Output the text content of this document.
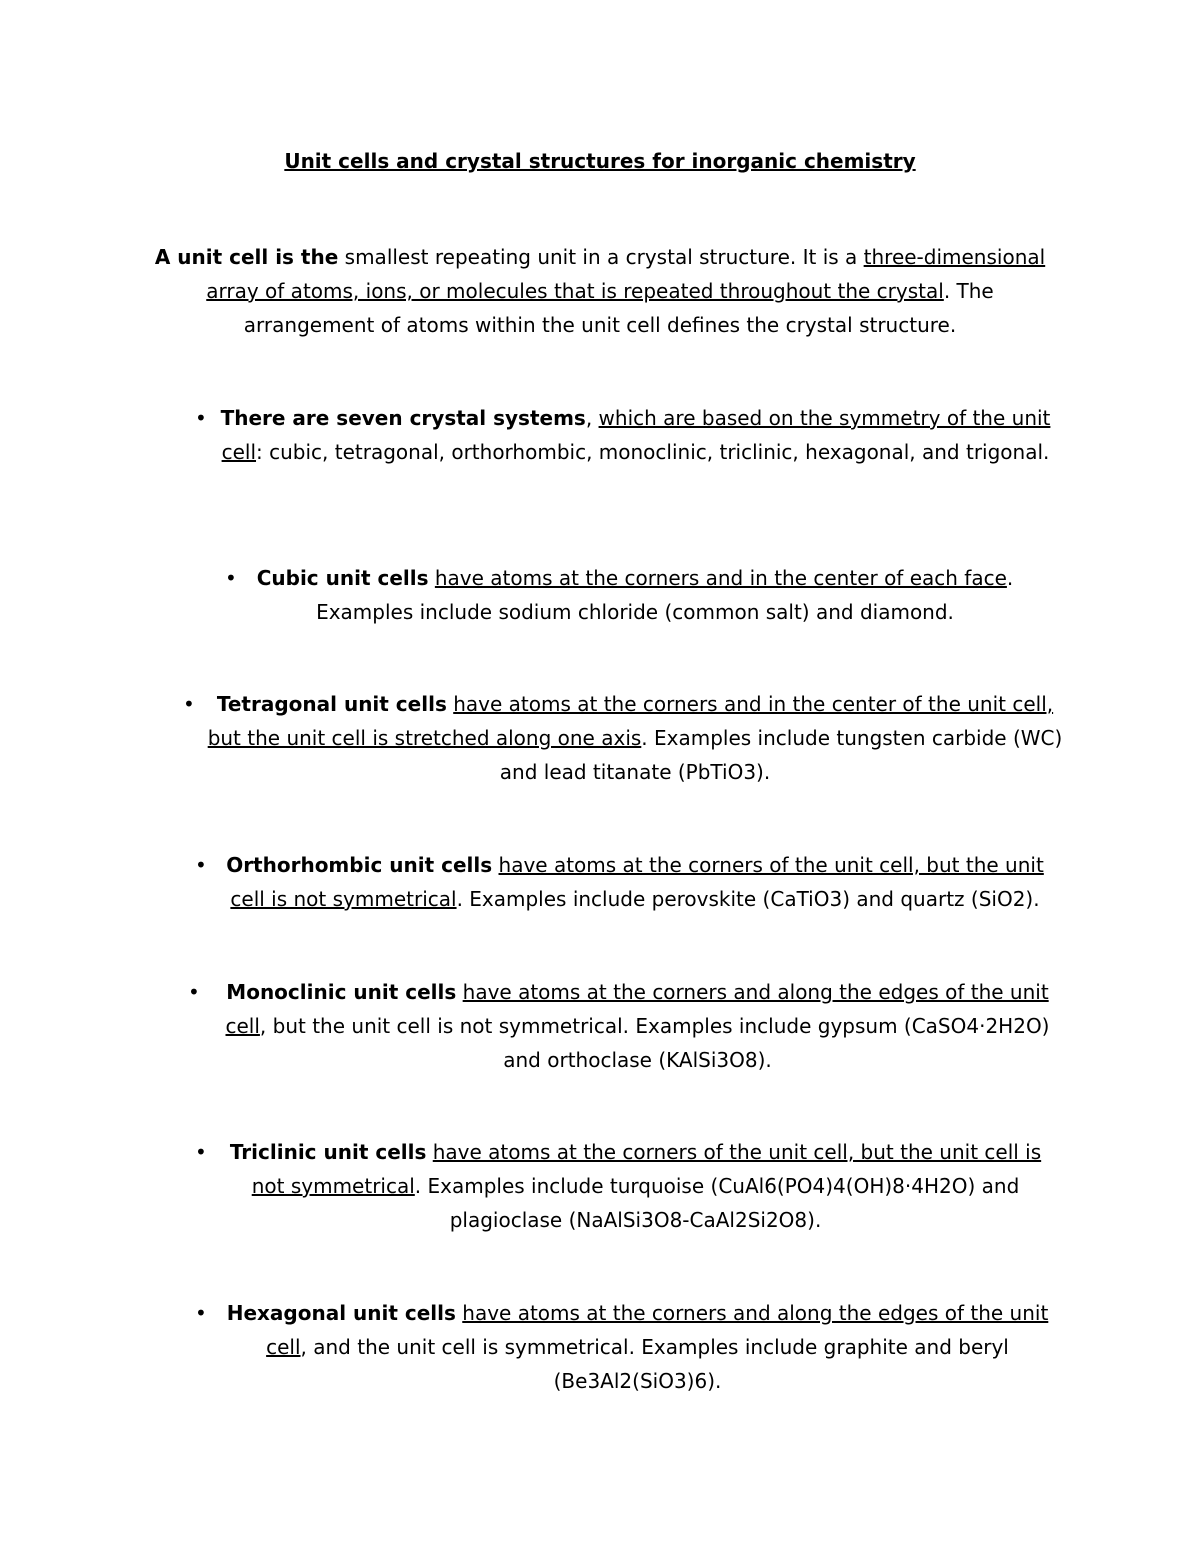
Unit cells and crystal structures for inorganic chemistry
A unit cell is the smallest repeating unit in a crystal structure. It is a three-dimensional array of atoms, ions, or molecules that is repeated throughout the crystal. The arrangement of atoms within the unit cell defines the crystal structure.
• There are seven crystal systems, which are based on the symmetry of the unit cell: cubic, tetragonal, orthorhombic, monoclinic, triclinic, hexagonal, and trigonal.
• Cubic unit cells have atoms at the corners and in the center of each face. Examples include sodium chloride (common salt) and diamond.
•	Tetragonal unit cells have atoms at the corners and in the center of the unit cell, but the unit cell is stretched along one axis. Examples include tungsten carbide (WC) and lead titanate (PbTiO3).
• Orthorhombic unit cells have atoms at the corners of the unit cell, but the unit cell is not symmetrical. Examples include perovskite (CaTiO3) and quartz (SiO2).
•	Monoclinic unit cells have atoms at the corners and along the edges of the unit cell, but the unit cell is not symmetrical. Examples include gypsum (CaSO4·2H2O) and orthoclase (KAlSi3O8).
•	Triclinic unit cells have atoms at the corners of the unit cell, but the unit cell is not symmetrical. Examples include turquoise (CuAl6(PO4)4(OH)8·4H2O) and plagioclase (NaAlSi3O8-CaAl2Si2O8).
• Hexagonal unit cells have atoms at the corners and along the edges of the unit cell, and the unit cell is symmetrical. Examples include graphite and beryl (Be3Al2(SiO3)6).
